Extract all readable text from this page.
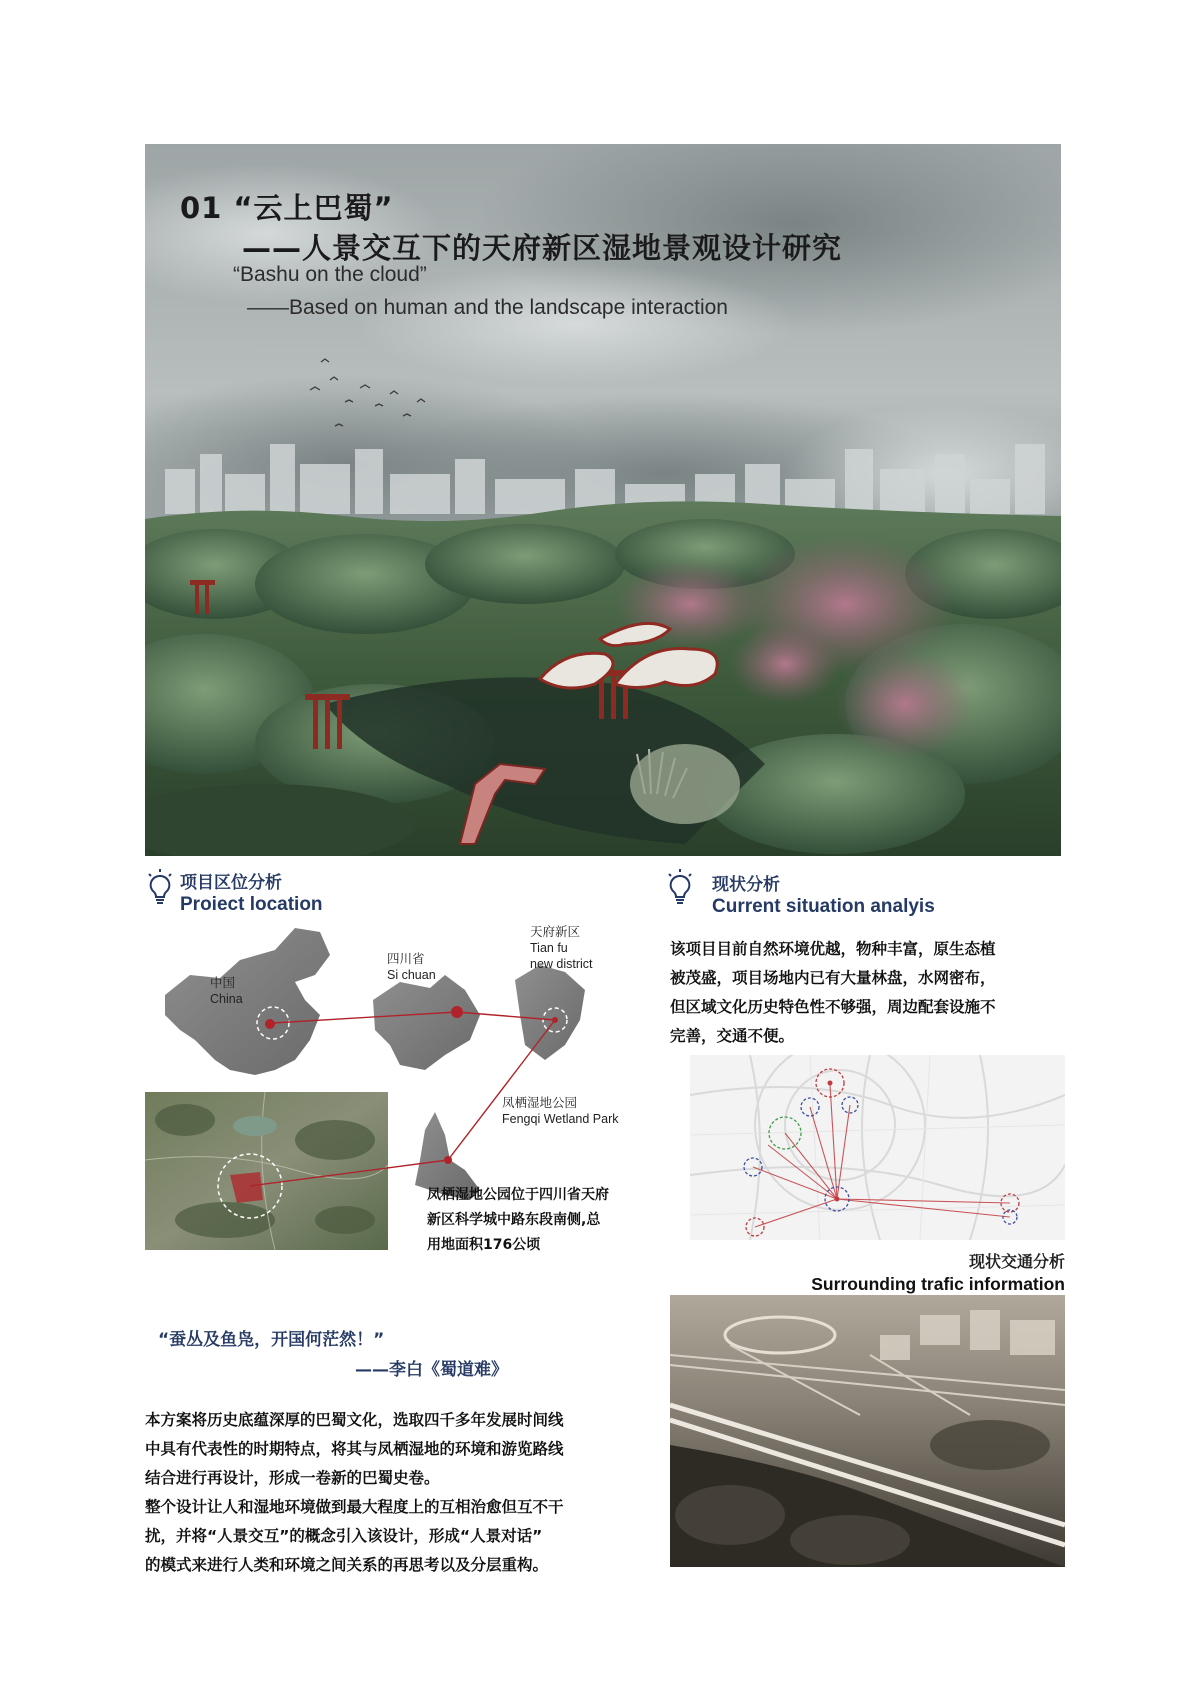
01 “云上巴蜀”
——人景交互下的天府新区湿地景观设计研究
“Bashu on the cloud”
——Based on human and the landscape interaction
项目区位分析
Proiect location
中国
China
四川省
Si chuan
天府新区
Tian fu
new district
凤栖湿地公园
Fengqi Wetland Park
凤栖湿地公园位于四川省天府
新区科学城中路东段南侧,总
用地面积176公顷
现状分析
Current situation analyis
该项目目前自然环境优越，物种丰富，原生态植
被茂盛，项目场地内已有大量林盘，水网密布，
但区域文化历史特色性不够强，周边配套设施不
完善，交通不便。
现状交通分析
Surrounding trafic information
“蚕丛及鱼凫，开国何茫然！”
——李白《蜀道难》
本方案将历史底蕴深厚的巴蜀文化，选取四千多年发展时间线
中具有代表性的时期特点，将其与凤栖湿地的环境和游览路线
结合进行再设计，形成一卷新的巴蜀史卷。
整个设计让人和湿地环境做到最大程度上的互相治愈但互不干
扰，并将“人景交互”的概念引入该设计，形成“人景对话”
的模式来进行人类和环境之间关系的再思考以及分层重构。
